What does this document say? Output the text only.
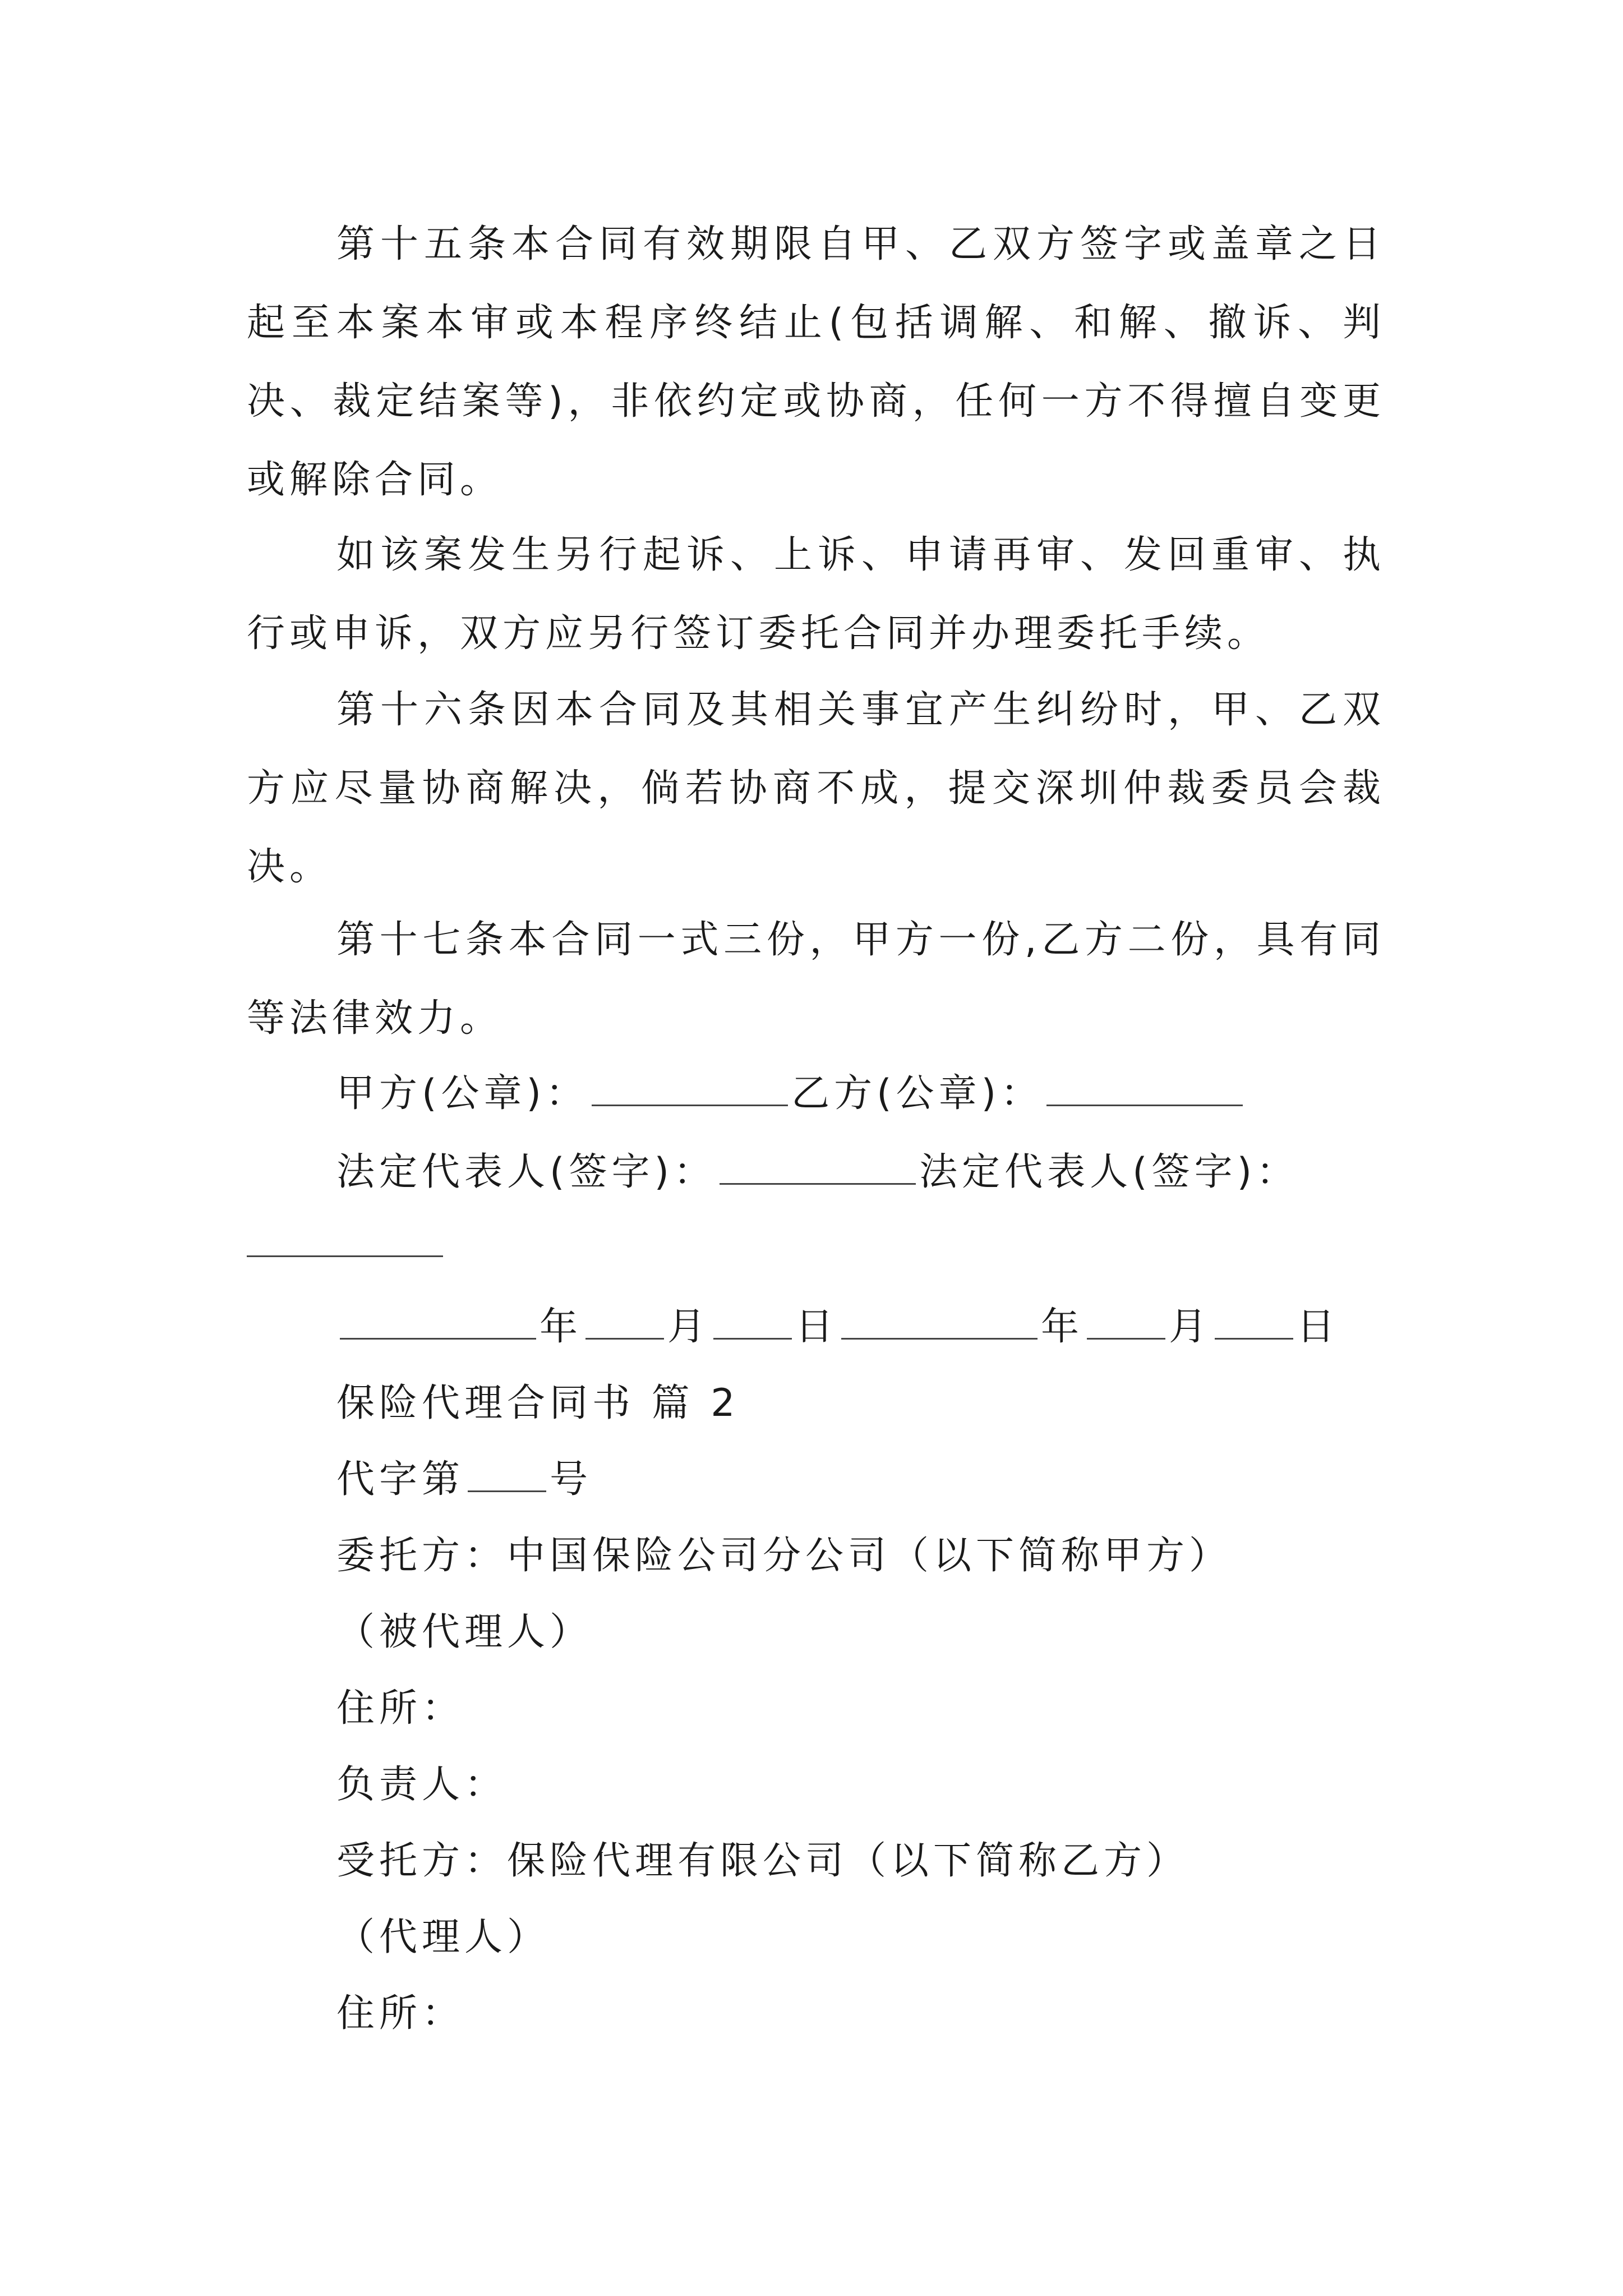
第十五条本合同有效期限自甲、乙双方签字或盖章之日起至本案本审或本程序终结止(包括调解、和解、撤诉、判决、裁定结案等)，非依约定或协商，任何一方不得擅自变更或解除合同。
如该案发生另行起诉、上诉、申请再审、发回重审、执行或申诉，双方应另行签订委托合同并办理委托手续。
第十六条因本合同及其相关事宜产生纠纷时，甲、乙双方应尽量协商解决，倘若协商不成，提交深圳仲裁委员会裁决。
第十七条本合同一式三份，甲方一份,乙方二份，具有同等法律效力。
甲方(公章)：	乙方(公章)：
法定代表人(签字)：	法定代表人(签字)：
年 月 日	年 月 日
保险代理合同书 篇 2
代字第 号
委托方：中国保险公司分公司（以下简称甲方）
（被代理人）
住所：
负责人：
受托方：保险代理有限公司（以下简称乙方）
（代理人）
住所：
